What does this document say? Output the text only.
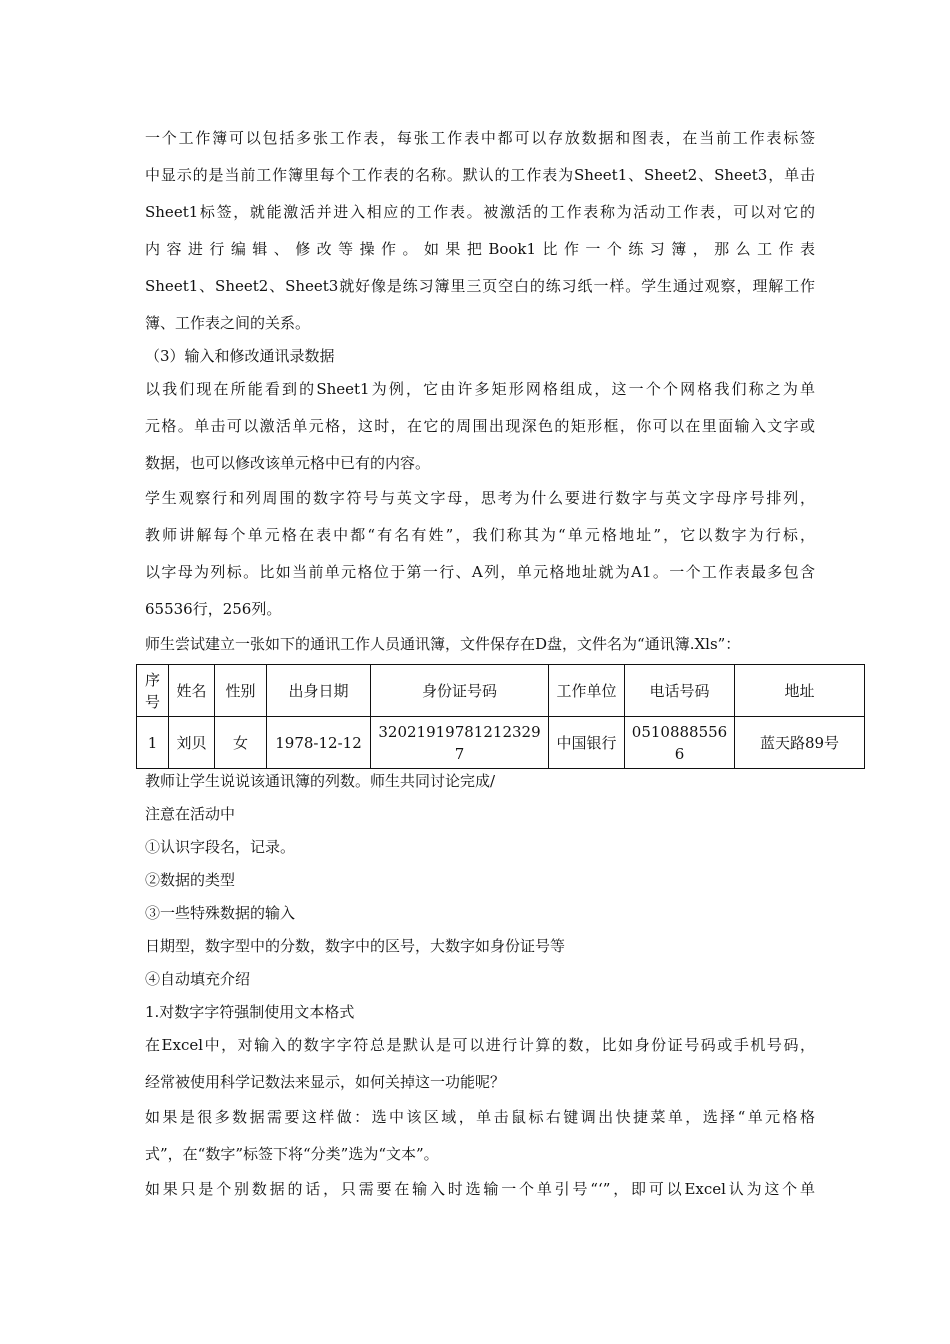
一个工作簿可以包括多张工作表，每张工作表中都可以存放数据和图表，在当前工作表标签
中显示的是当前工作簿里每个工作表的名称。默认的工作表为Sheet1、Sheet2、Sheet3，单击
Sheet1标签，就能激活并进入相应的工作表。被激活的工作表称为活动工作表，可以对它的
内容进行编辑、修改等操作。如果把Book1比作一个练习簿，那么工作表
Sheet1、Sheet2、Sheet3就好像是练习簿里三页空白的练习纸一样。学生通过观察，理解工作
簿、工作表之间的关系。
（3）输入和修改通讯录数据
以我们现在所能看到的Sheet1为例，它由许多矩形网格组成，这一个个网格我们称之为单
元格。单击可以激活单元格，这时，在它的周围出现深色的矩形框，你可以在里面输入文字或
数据，也可以修改该单元格中已有的内容。
学生观察行和列周围的数字符号与英文字母，思考为什么要进行数字与英文字母序号排列，
教师讲解每个单元格在表中都“有名有姓”，我们称其为“单元格地址”，它以数字为行标，
以字母为列标。比如当前单元格位于第一行、A列，单元格地址就为A1。一个工作表最多包含
65536行，256列。
师生尝试建立一张如下的通讯工作人员通讯簿，文件保存在D盘，文件名为“通讯簿.Xls”：
序号	姓名	性别	出身日期	身份证号码	工作单位	电话号码	地址
1	刘贝	女	1978-12-12	320219197812123297	中国银行	05108885566	蓝天路89号
教师让学生说说该通讯簿的列数。师生共同讨论完成/
注意在活动中
①认识字段名，记录。
②数据的类型
③一些特殊数据的输入
日期型，数字型中的分数，数字中的区号，大数字如身份证号等
④自动填充介绍
1.对数字字符强制使用文本格式
在Excel中，对输入的数字字符总是默认是可以进行计算的数，比如身份证号码或手机号码，
经常被使用科学记数法来显示，如何关掉这一功能呢？
如果是很多数据需要这样做：选中该区域，单击鼠标右键调出快捷菜单，选择“单元格格
式”，在“数字”标签下将“分类”选为“文本”。
如果只是个别数据的话，只需要在输入时选输一个单引号“‘”，即可以Excel认为这个单
